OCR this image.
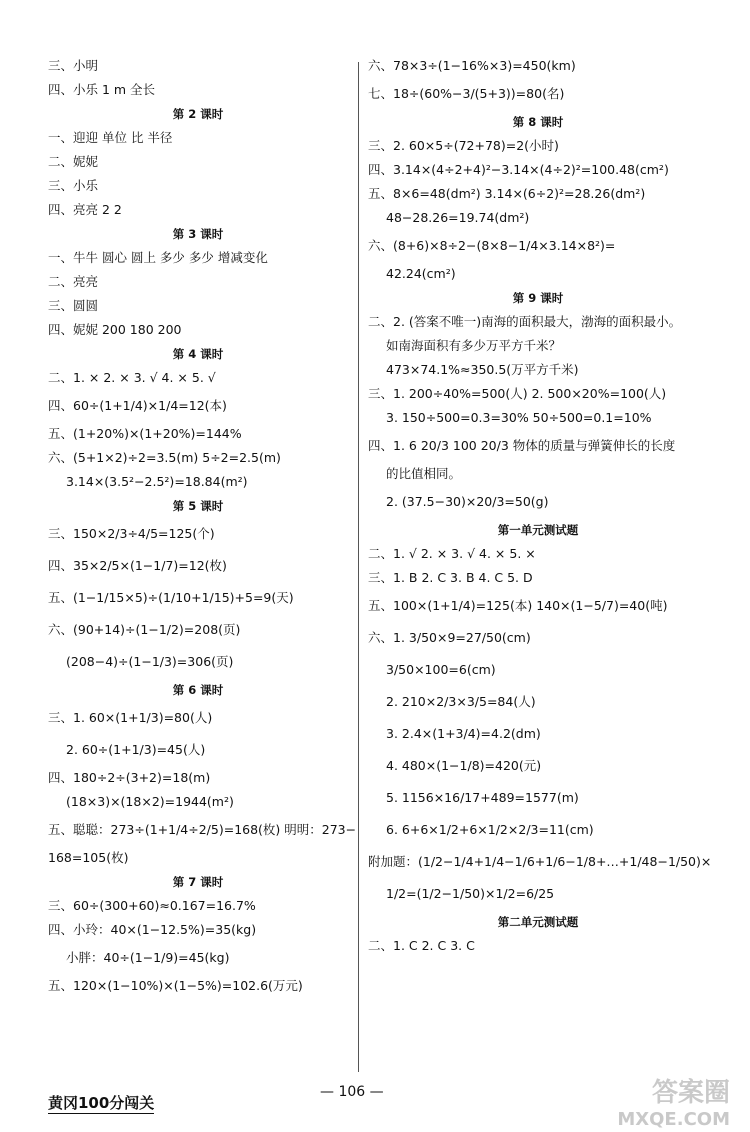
三、小明
四、小乐 1 m 全长
第 2 课时
一、迎迎 单位 比 半径
二、妮妮
三、小乐
四、亮亮 2 2
第 3 课时
一、牛牛 圆心 圆上 多少 多少 增减变化
二、亮亮
三、圆圆
四、妮妮 200 180 200
第 4 课时
二、1. × 2. × 3. √ 4. × 5. √
四、60÷(1+1/4)×1/4=12(本)
五、(1+20%)×(1+20%)=144%
六、(5+1×2)÷2=3.5(m) 5÷2=2.5(m)
3.14×(3.5²−2.5²)=18.84(m²)
第 5 课时
三、150×2/3÷4/5=125(个)
四、35×2/5×(1−1/7)=12(枚)
五、(1−1/15×5)÷(1/10+1/15)+5=9(天)
六、(90+14)÷(1−1/2)=208(页)
(208−4)÷(1−1/3)=306(页)
第 6 课时
三、1. 60×(1+1/3)=80(人)
2. 60÷(1+1/3)=45(人)
四、180÷2÷(3+2)=18(m)
(18×3)×(18×2)=1944(m²)
五、聪聪：273÷(1+1/4÷2/5)=168(枚) 明明：273−
168=105(枚)
第 7 课时
三、60÷(300+60)≈0.167=16.7%
四、小玲：40×(1−12.5%)=35(kg)
小胖：40÷(1−1/9)=45(kg)
五、120×(1−10%)×(1−5%)=102.6(万元)
六、78×3÷(1−16%×3)=450(km)
七、18÷(60%−3/(5+3))=80(名)
第 8 课时
三、2. 60×5÷(72+78)=2(小时)
四、3.14×(4÷2+4)²−3.14×(4÷2)²=100.48(cm²)
五、8×6=48(dm²) 3.14×(6÷2)²=28.26(dm²)
48−28.26=19.74(dm²)
六、(8+6)×8÷2−(8×8−1/4×3.14×8²)=
42.24(cm²)
第 9 课时
二、2. (答案不唯一)南海的面积最大，渤海的面积最小。
如南海面积有多少万平方千米？
473×74.1%≈350.5(万平方千米)
三、1. 200÷40%=500(人) 2. 500×20%=100(人)
3. 150÷500=0.3=30% 50÷500=0.1=10%
四、1. 6 20/3 100 20/3 物体的质量与弹簧伸长的长度
的比值相同。
2. (37.5−30)×20/3=50(g)
第一单元测试题
二、1. √ 2. × 3. √ 4. × 5. ×
三、1. B 2. C 3. B 4. C 5. D
五、100×(1+1/4)=125(本) 140×(1−5/7)=40(吨)
六、1. 3/50×9=27/50(cm)
3/50×100=6(cm)
2. 210×2/3×3/5=84(人)
3. 2.4×(1+3/4)=4.2(dm)
4. 480×(1−1/8)=420(元)
5. 1156×16/17+489=1577(m)
6. 6+6×1/2+6×1/2×2/3=11(cm)
附加题：(1/2−1/4+1/4−1/6+1/6−1/8+…+1/48−1/50)×
1/2=(1/2−1/50)×1/2=6/25
第二单元测试题
二、1. C 2. C 3. C
黄冈100分闯关
— 106 —	答案圈
MXQE.COM
